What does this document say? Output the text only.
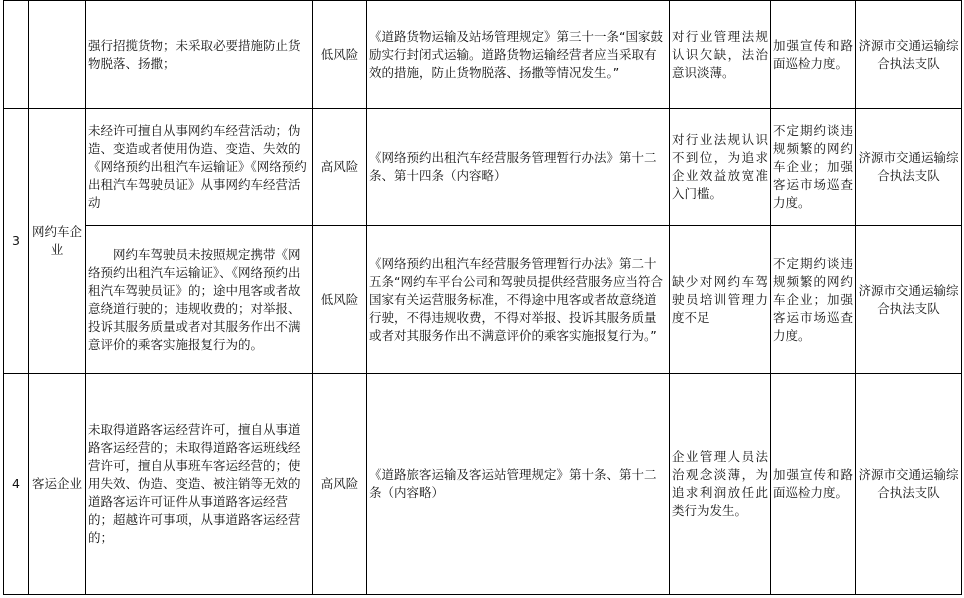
		强行招揽货物；未采取必要措施防止货物脱落、扬撒；	低风险	《道路货物运输及站场管理规定》第三十一条“国家鼓励实行封闭式运输。道路货物运输经营者应当采取有效的措施，防止货物脱落、扬撒等情况发生。”	对行业管理法规认识欠缺，法治意识淡薄。	加强宣传和路面巡检力度。	济源市交通运输综合执法支队
3	网约车企业	未经许可擅自从事网约车经营活动；伪造、变造或者使用伪造、变造、失效的《网络预约出租汽车运输证》《网络预约出租汽车驾驶员证》从事网约车经营活动	高风险	《网络预约出租汽车经营服务管理暂行办法》第十二条、第十四条（内容略）	对行业法规认识不到位，为追求企业效益放宽准入门槛。	不定期约谈违规频繁的网约车企业；加强客运市场巡查力度。	济源市交通运输综合执法支队
		网约车驾驶员未按照规定携带《网络预约出租汽车运输证》、《网络预约出租汽车驾驶员证》的；途中甩客或者故意绕道行驶的；违规收费的；对举报、投诉其服务质量或者对其服务作出不满意评价的乘客实施报复行为的。	低风险	《网络预约出租汽车经营服务管理暂行办法》第二十五条“网约车平台公司和驾驶员提供经营服务应当符合国家有关运营服务标准，不得途中甩客或者故意绕道行驶，不得违规收费，不得对举报、投诉其服务质量或者对其服务作出不满意评价的乘客实施报复行为。”	缺少对网约车驾驶员培训管理力度不足	不定期约谈违规频繁的网约车企业；加强客运市场巡查力度。	济源市交通运输综合执法支队
4	客运企业	未取得道路客运经营许可，擅自从事道路客运经营的；未取得道路客运班线经营许可，擅自从事班车客运经营的；使用失效、伪造、变造、被注销等无效的道路客运许可证件从事道路客运经营的；超越许可事项，从事道路客运经营的；	高风险	《道路旅客运输及客运站管理规定》第十条、第十二条（内容略）	企业管理人员法治观念淡薄，为追求利润放任此类行为发生。	加强宣传和路面巡检力度。	济源市交通运输综合执法支队
